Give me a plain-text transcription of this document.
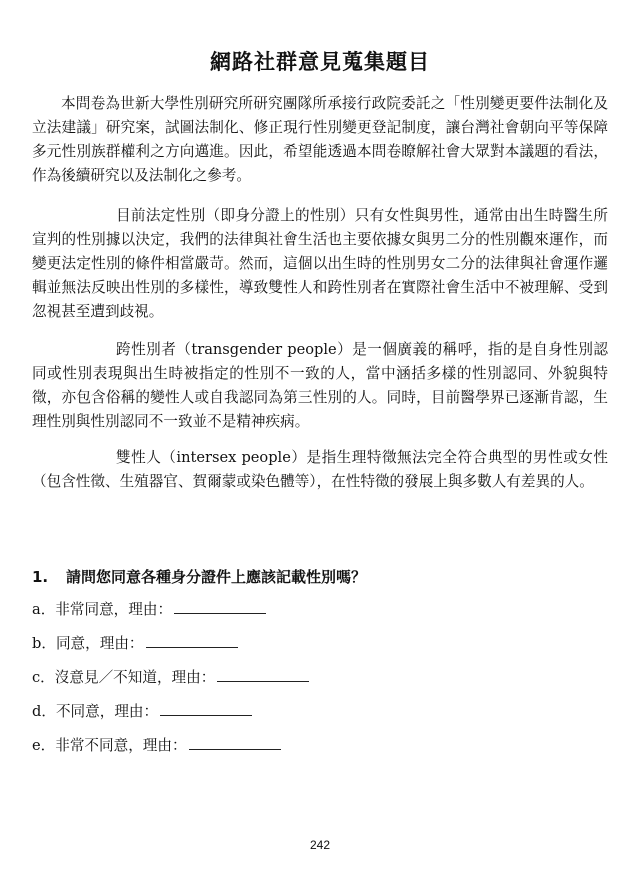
網路社群意見蒐集題目

本問卷為世新大學性別研究所研究團隊所承接行政院委託之「性別變更要件法制化及立法建議」研究案，試圖法制化、修正現行性別變更登記制度，讓台灣社會朝向平等保障多元性別族群權利之方向邁進。因此，希望能透過本問卷瞭解社會大眾對本議題的看法，作為後續研究以及法制化之參考。

目前法定性別（即身分證上的性別）只有女性與男性，通常由出生時醫生所宣判的性別據以決定，我們的法律與社會生活也主要依據女與男二分的性別觀來運作，而變更法定性別的條件相當嚴苛。然而，這個以出生時的性別男女二分的法律與社會運作邏輯並無法反映出性別的多樣性，導致雙性人和跨性別者在實際社會生活中不被理解、受到忽視甚至遭到歧視。

跨性別者（transgender people）是一個廣義的稱呼，指的是自身性別認同或性別表現與出生時被指定的性別不一致的人，當中涵括多樣的性別認同、外貌與特徵，亦包含俗稱的變性人或自我認同為第三性別的人。同時，目前醫學界已逐漸肯認，生理性別與性別認同不一致並不是精神疾病。

雙性人（intersex people）是指生理特徵無法完全符合典型的男性或女性（包含性徵、生殖器官、賀爾蒙或染色體等），在性特徵的發展上與多數人有差異的人。

1. 請問您同意各種身分證件上應該記載性別嗎？
a．非常同意，理由：
b．同意，理由：
c．沒意見／不知道，理由：
d．不同意，理由：
e．非常不同意，理由：
242
